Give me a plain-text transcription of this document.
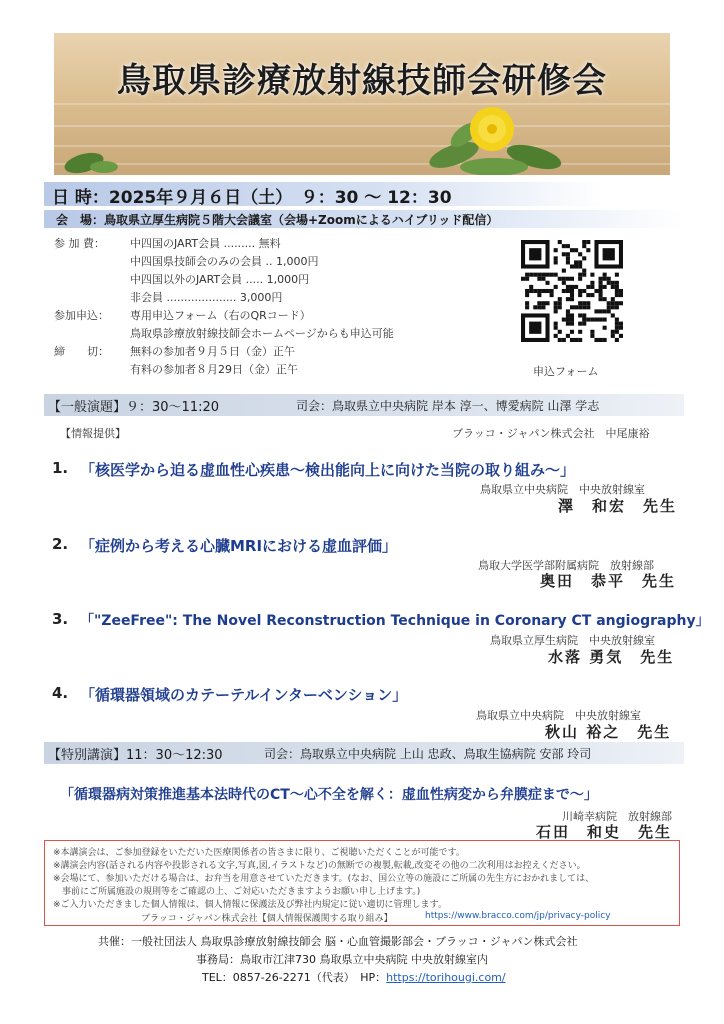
鳥取県診療放射線技師会研修会
日 時：2025年９月６日（土）　９：30 ～ 12：30
会　場：鳥取県立厚生病院５階大会議室（会場+Zoomによるハイブリッド配信）
参 加 費： 中四国のJART会員 ......... 無料
中四国県技師会のみの会員 .. 1,000円
中四国以外のJART会員 ..... 1,000円
非会員 .................... 3,000円
参加申込： 専用申込フォーム（右のQRコード）
鳥取県診療放射線技師会ホームページからも申込可能
締　　切： 無料の参加者９月５日（金）正午
有料の参加者８月29日（金）正午	申込フォーム
【一般演題】９：30～11:20	司会：鳥取県立中央病院 岸本 淳一、博愛病院 山澤 学志
【情報提供】	ブラッコ・ジャパン株式会社　中尾康裕
1. 「核医学から迫る虚血性心疾患～検出能向上に向けた当院の取り組み～」
鳥取県立中央病院　中央放射線室
澤　和宏　先生
2. 「症例から考える心臓MRIにおける虚血評価」
鳥取大学医学部附属病院　放射線部
奥田　恭平　先生
3. 「"ZeeFree": The Novel Reconstruction Technique in Coronary CT angiography」
鳥取県立厚生病院　中央放射線室
水落 勇気　先生
4. 「循環器領域のカテーテルインターベンション」
鳥取県立中央病院　中央放射線室
秋山 裕之　先生
【特別講演】11：30～12:30	司会：鳥取県立中央病院 上山 忠政、鳥取生協病院 安部 玲司
「循環器病対策推進基本法時代のCT～心不全を解く：虚血性病変から弁膜症まで～」
川崎幸病院　放射線部
石田　和史　先生
※本講演会は、ご参加登録をいただいた医療関係者の皆さまに限り、ご視聴いただくことが可能です。
※講演会内容(話される内容や投影される文字,写真,図,イラストなど)の無断での複製,転載,改変その他の二次利用はお控えください。
※会場にて、参加いただける場合は、お弁当を用意させていただきます。(なお、国公立等の施設にご所属の先生方におかれましては、
　事前にご所属施設の規則等をご確認の上、ご対応いただきますようお願い申し上げます。)
※ご入力いただきました個人情報は、個人情報に保護法及び弊社内規定に従い適切に管理します。
ブラッコ・ジャパン株式会社【個人情報保護関する取り組み】	https://www.bracco.com/jp/privacy-policy
共催：一般社団法人 鳥取県診療放射線技師会 脳・心血管撮影部会・ブラッコ・ジャパン株式会社
事務局：鳥取市江津730 鳥取県立中央病院 中央放射線室内
TEL：0857-26-2271（代表）　HP：https://torihougi.com/
